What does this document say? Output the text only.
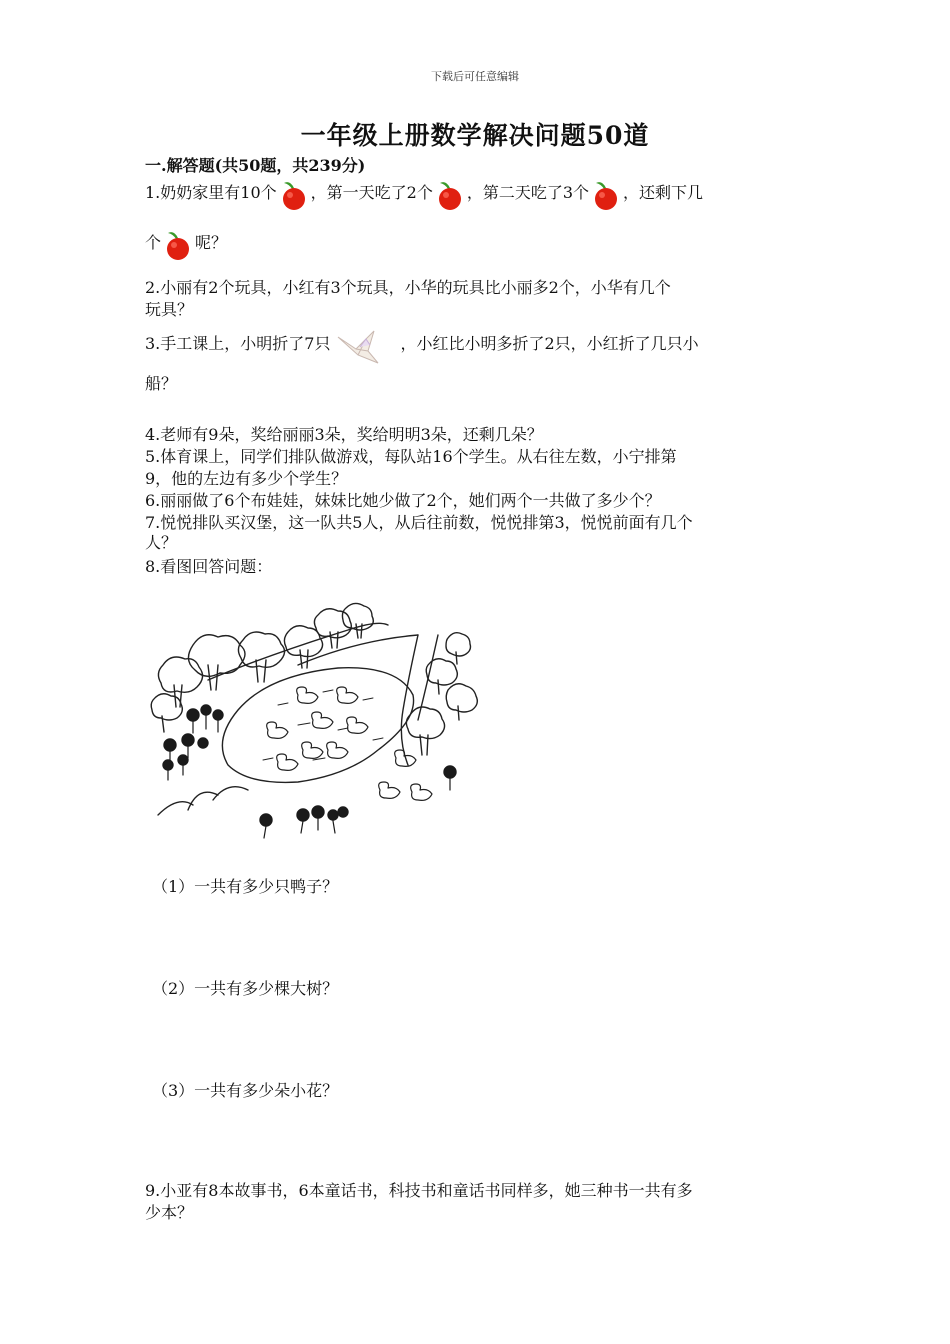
下载后可任意编辑
一年级上册数学解决问题50道
一.解答题(共50题，共239分)
1.奶奶家里有10个 ，第一天吃了2个 ，第二天吃了3个 ，还剩下几
个 呢？
2.小丽有2个玩具，小红有3个玩具，小华的玩具比小丽多2个，小华有几个
玩具？
3.手工课上，小明折了7只	，小红比小明多折了2只，小红折了几只小
船？
4.老师有9朵，奖给丽丽3朵，奖给明明3朵，还剩几朵？
5.体育课上，同学们排队做游戏，每队站16个学生。从右往左数，小宁排第
9，他的左边有多少个学生？
6.丽丽做了6个布娃娃，妹妹比她少做了2个，她们两个一共做了多少个？
7.悦悦排队买汉堡，这一队共5人，从后往前数，悦悦排第3，悦悦前面有几个
人？
8.看图回答问题：
（1）一共有多少只鸭子？
（2）一共有多少棵大树？
（3）一共有多少朵小花？
9.小亚有8本故事书，6本童话书，科技书和童话书同样多，她三种书一共有多
少本？
